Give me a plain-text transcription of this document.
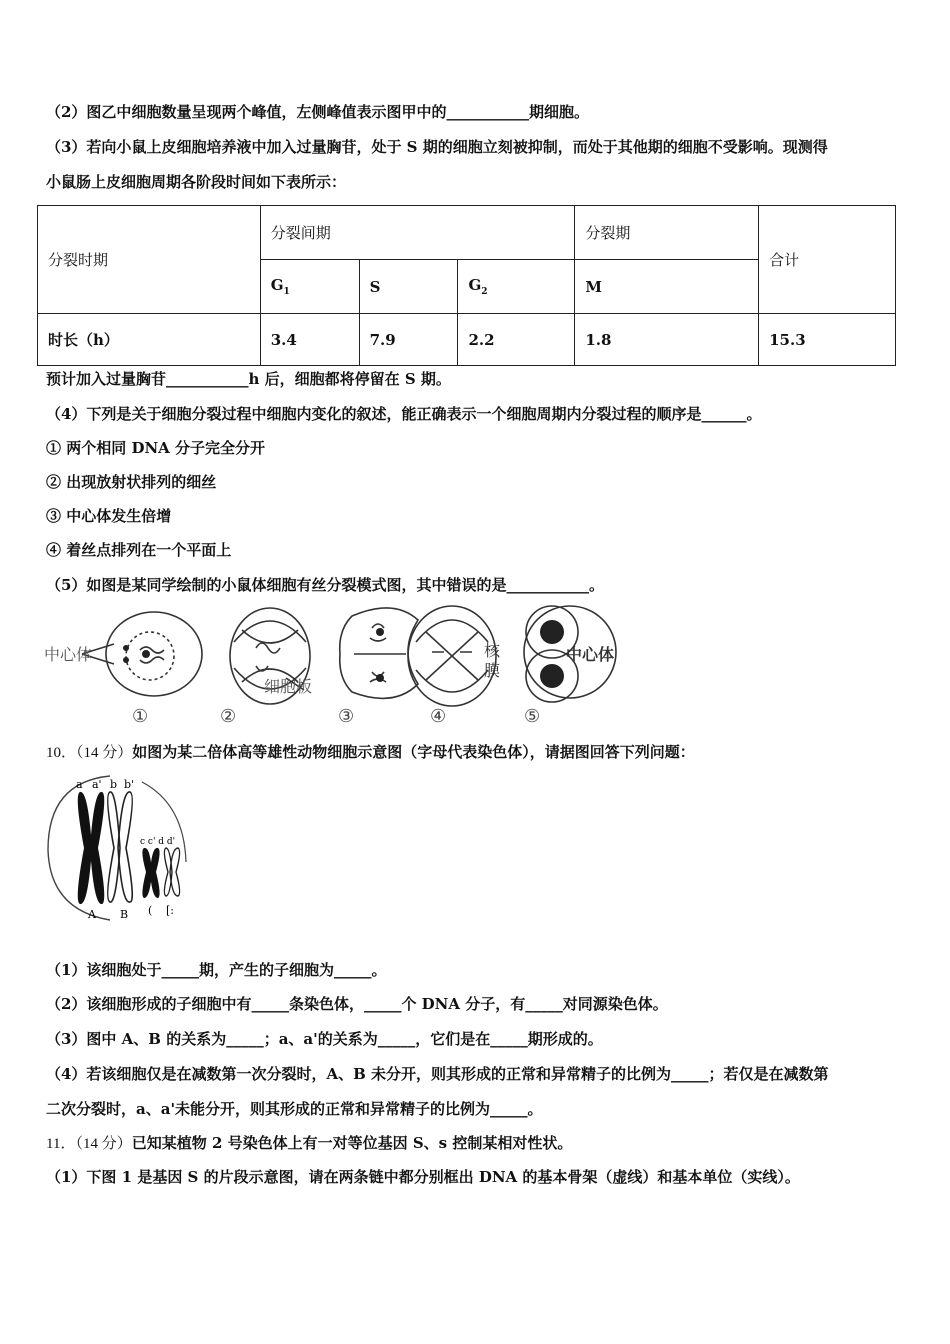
（2）图乙中细胞数量呈现两个峰值，左侧峰值表示图甲中的___________期细胞。
（3）若向小鼠上皮细胞培养液中加入过量胸苷，处于 S 期的细胞立刻被抑制，而处于其他期的细胞不受影响。现测得
小鼠肠上皮细胞周期各阶段时间如下表所示：
分裂时期	分裂间期			分裂期	合计
	$G_1$	S	$G_2$	M	
时长（h）	3.4	7.9	2.2	1.8	15.3
预计加入过量胸苷___________h 后，细胞都将停留在 S 期。
（4）下列是关于细胞分裂过程中细胞内变化的叙述，能正确表示一个细胞周期内分裂过程的顺序是______。
① 两个相同 DNA 分子完全分开
② 出现放射状排列的细丝
③ 中心体发生倍增
④ 着丝点排列在一个平面上
（5）如图是某同学绘制的小鼠体细胞有丝分裂模式图，其中错误的是___________。
中心体
细胞板
核
膜
中心体
①	②	③	④	⑤
10．（14 分）如图为某二倍体高等雄性动物细胞示意图（字母代表染色体），请据图回答下列问题：
a a' b b'
c c' d d'
A B ( [:
（1）该细胞处于_____期，产生的子细胞为_____。
（2）该细胞形成的子细胞中有_____条染色体，_____个 DNA 分子，有_____对同源染色体。
（3）图中 A、B 的关系为_____；a、a'的关系为_____，它们是在_____期形成的。
（4）若该细胞仅是在减数第一次分裂时，A、B 未分开，则其形成的正常和异常精子的比例为_____；若仅是在减数第
二次分裂时，a、a'未能分开，则其形成的正常和异常精子的比例为_____。
11．（14 分）已知某植物 2 号染色体上有一对等位基因 S、s 控制某相对性状。
（1）下图 1 是基因 S 的片段示意图，请在两条链中都分别框出 DNA 的基本骨架（虚线）和基本单位（实线）。
